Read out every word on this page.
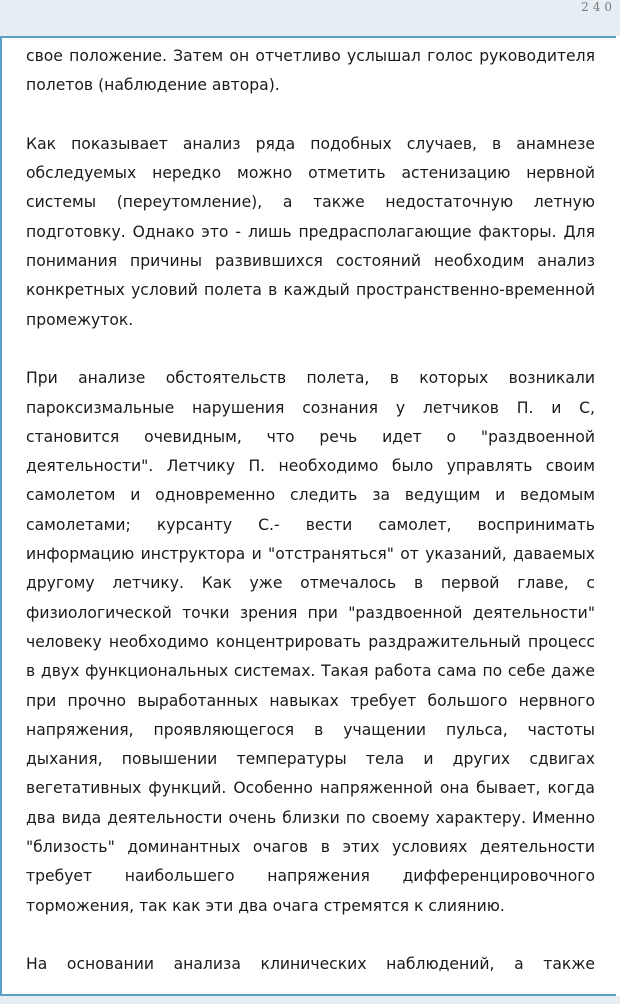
240

свое положение. Затем он отчетливо услышал голос руководителя полетов (наблюдение автора).

Как показывает анализ ряда подобных случаев, в анамнезе обследуемых нередко можно отметить астенизацию нервной системы (переутомление), а также недостаточную летную подготовку. Однако это - лишь предрасполагающие факторы. Для понимания причины развившихся состояний необходим анализ конкретных условий полета в каждый пространственно-временной промежуток.

При анализе обстоятельств полета, в которых возникали пароксизмальные нарушения сознания у летчиков П. и С, становится очевидным, что речь идет о "раздвоенной деятельности". Летчику П. необходимо было управлять своим самолетом и одновременно следить за ведущим и ведомым самолетами; курсанту С.- вести самолет, воспринимать информацию инструктора и "отстраняться" от указаний, даваемых другому летчику. Как уже отмечалось в первой главе, с физиологической точки зрения при "раздвоенной деятельности" человеку необходимо концентрировать раздражительный процесс в двух функциональных системах. Такая работа сама по себе даже при прочно выработанных навыках требует большого нервного напряжения, проявляющегося в учащении пульса, частоты дыхания, повышении температуры тела и других сдвигах вегетативных функций. Особенно напряженной она бывает, когда два вида деятельности очень близки по своему характеру. Именно "близость" доминантных очагов в этих условиях деятельности требует наибольшего напряжения дифференцировочного торможения, так как эти два очага стремятся к слиянию.

На основании анализа клинических наблюдений, а также
